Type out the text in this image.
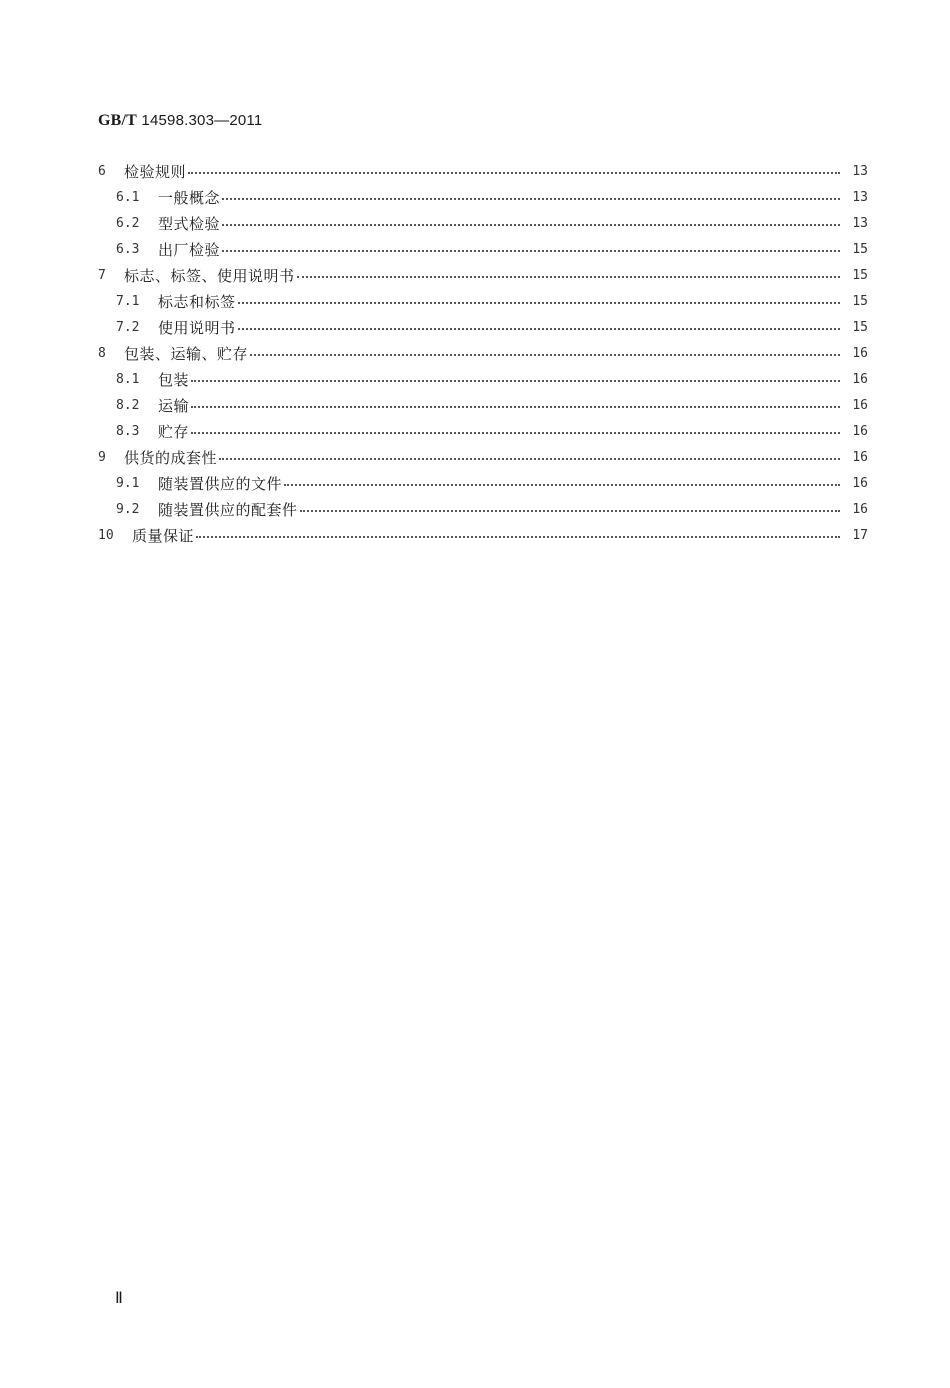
GB/T 14598.303—2011
6	检验规则	13
6.1	一般概念	13
6.2	型式检验	13
6.3	出厂检验	15
7	标志、标签、使用说明书	15
7.1	标志和标签	15
7.2	使用说明书	15
8	包装、运输、贮存	16
8.1	包装	16
8.2	运输	16
8.3	贮存	16
9	供货的成套性	16
9.1	随装置供应的文件	16
9.2	随装置供应的配套件	16
10	质量保证	17
Ⅱ
